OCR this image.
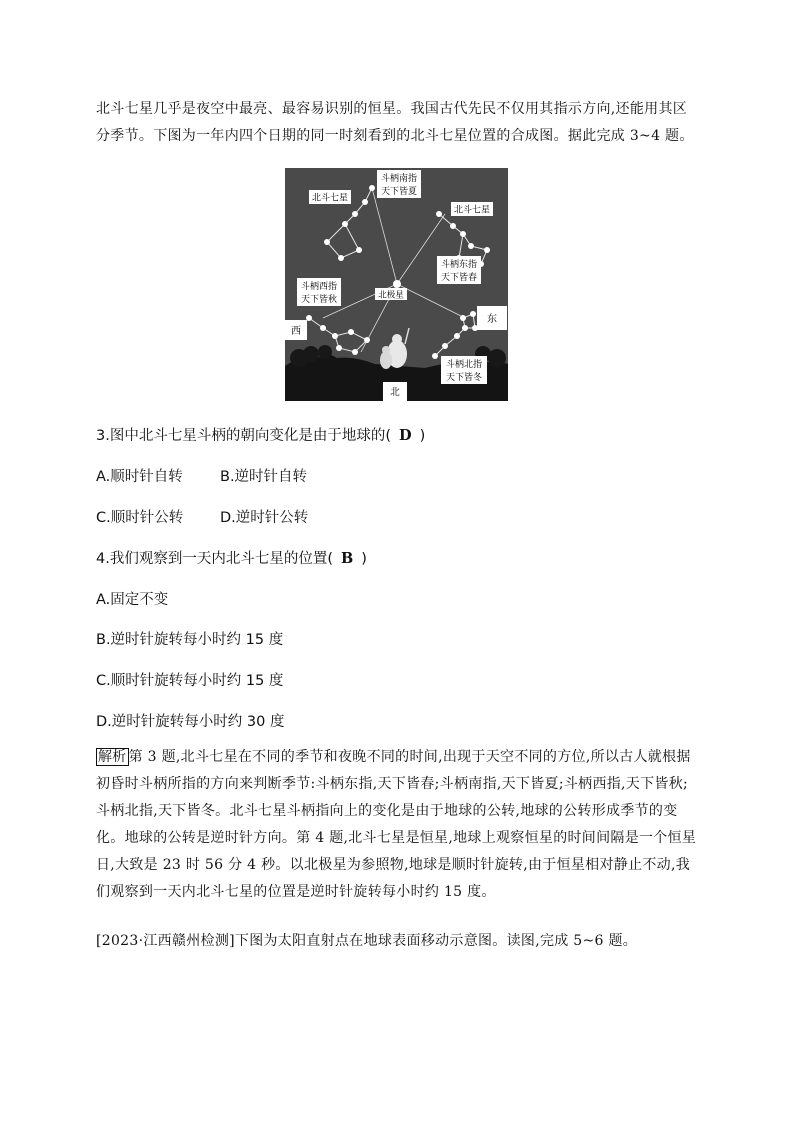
北斗七星几乎是夜空中最亮、最容易识别的恒星。我国古代先民不仅用其指示方向,还能用其区分季节。下图为一年内四个日期的同一时刻看到的北斗七星位置的合成图。据此完成 3~4 题。
北斗七星
斗柄南指
天下皆夏
北斗七星
斗柄东指
天下皆春
斗柄西指
天下皆秋	北极星
西
东
斗柄北指
天下皆冬
北
3.图中北斗七星斗柄的朝向变化是由于地球的( D )
A.顺时针自转	B.逆时针自转
C.顺时针公转	D.逆时针公转
4.我们观察到一天内北斗七星的位置( B )
A.固定不变
B.逆时针旋转每小时约 15 度
C.顺时针旋转每小时约 15 度
D.逆时针旋转每小时约 30 度
解析 第 3 题,北斗七星在不同的季节和夜晚不同的时间,出现于天空不同的方位,所以古人就根据初昏时斗柄所指的方向来判断季节:斗柄东指,天下皆春;斗柄南指,天下皆夏;斗柄西指,天下皆秋;斗柄北指,天下皆冬。北斗七星斗柄指向上的变化是由于地球的公转,地球的公转形成季节的变化。地球的公转是逆时针方向。第 4 题,北斗七星是恒星,地球上观察恒星的时间间隔是一个恒星日,大致是 23 时 56 分 4 秒。以北极星为参照物,地球是顺时针旋转,由于恒星相对静止不动,我们观察到一天内北斗七星的位置是逆时针旋转每小时约 15 度。
[2023·江西赣州检测]下图为太阳直射点在地球表面移动示意图。读图,完成 5~6 题。
